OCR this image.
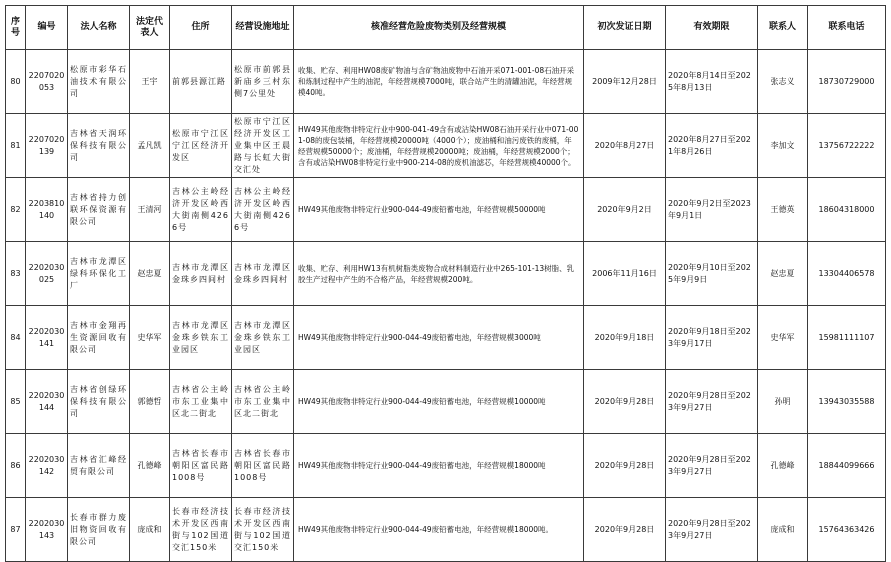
序号	编号	法人名称	法定代表人	住所	经营设施地址	核准经营危险废物类别及经营规模	初次发证日期	有效期限	联系人	联系电话
80	2207020053	松原市彩华石油技术有限公司	王宇	前郭县源江路	松原市前郭县新庙乡三村东侧7公里处	收集、贮存、利用HW08废矿物油与含矿物油废物中石油开采071-001-08石油开采和炼制过程中产生的油泥，年经营规模7000吨，联合站产生的清罐油泥，年经营规模40吨。	2009年12月28日	2020年8月14日至2025年8月13日	张志义	18730729000
81	2207020139	吉林省天润环保科技有限公司	孟凡凯	松原市宁江区宁江区经济开发区	松原市宁江区经济开发区工业集中区王晨路与长虹大街交汇处	HW49其他废物非特定行业中900-041-49含有或沾染HW08石油开采行业中071-001-08的废包装桶，年经营规模20000吨（4000个）；废油桶和油污废铁的废桶，年经营规模50000个；废油桶，年经营规模20000吨；废油桶，年经营规模2000个；含有或沾染HW08非特定行业中900-214-08的废机油滤芯，年经营规模40000个。	2020年8月27日	2020年8月27日至2021年8月26日	李加文	13756722222
82	2203810140	吉林省持力创联环保资源有限公司	王清河	吉林公主岭经济开发区岭西大街南侧4266号	吉林公主岭经济开发区岭西大街南侧4266号	HW49其他废物非特定行业900-044-49废铅蓄电池，年经营规模50000吨	2020年9月2日	2020年9月2日至2023年9月1日	王德英	18604318000
83	2202030025	吉林市龙潭区绿科环保化工厂	赵忠夏	吉林市龙潭区金珠乡四间村	吉林市龙潭区金珠乡四间村	收集、贮存、利用HW13有机树脂类废物合成材料制造行业中265-101-13树脂、乳胶生产过程中产生的不合格产品，年经营规模200吨。	2006年11月16日	2020年9月10日至2025年9月9日	赵忠夏	13304406578
84	2202030141	吉林市金翔再生资源回收有限公司	史华军	吉林市龙潭区金珠乡铁东工业园区	吉林市龙潭区金珠乡铁东工业园区	HW49其他废物非特定行业900-044-49废铅蓄电池，年经营规模3000吨	2020年9月18日	2020年9月18日至2023年9月17日	史华军	15981111107
85	2202030144	吉林省创绿环保科技有限公司	郭德哲	吉林省公主岭市东工业集中区北二街北	吉林省公主岭市东工业集中区北二街北	HW49其他废物非特定行业900-044-49废铅蓄电池，年经营规模10000吨	2020年9月28日	2020年9月28日至2023年9月27日	孙明	13943035588
86	2202030142	吉林省汇峰经贸有限公司	孔德峰	吉林省长春市朝阳区富民路1008号	吉林省长春市朝阳区富民路1008号	HW49其他废物非特定行业900-044-49废铅蓄电池，年经营规模18000吨	2020年9月28日	2020年9月28日至2023年9月27日	孔德峰	18844099666
87	2202030143	长春市群力废旧物资回收有限公司	庞成和	长春市经济技术开发区西南街与102国道交汇150米	长春市经济技术开发区西南街与102国道交汇150米	HW49其他废物非特定行业900-044-49废铅蓄电池，年经营规模18000吨。	2020年9月28日	2020年9月28日至2023年9月27日	庞成和	15764363426
